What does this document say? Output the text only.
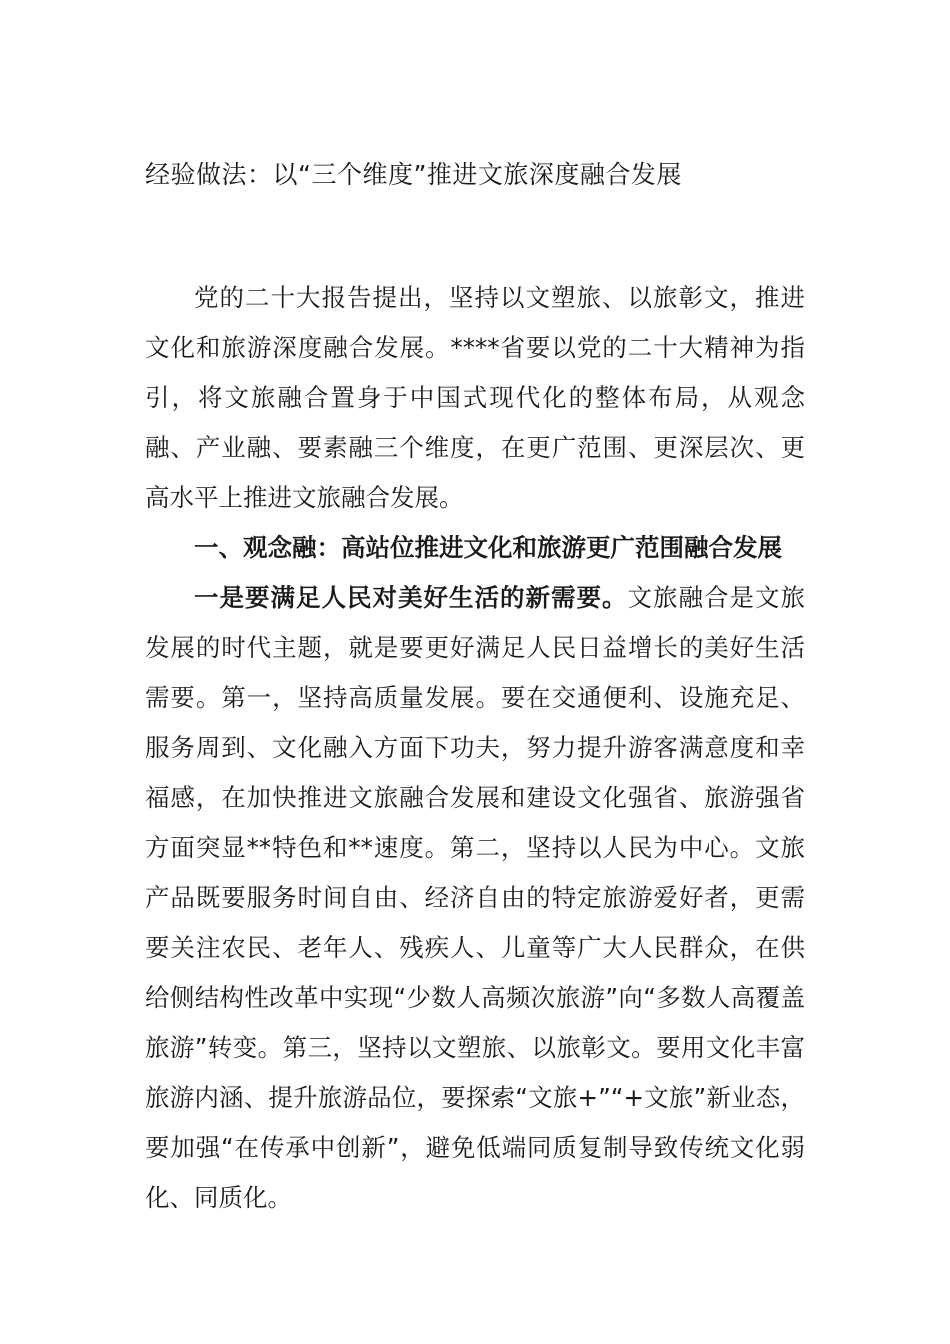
经验做法：以“三个维度”推进文旅深度融合发展

党的二十大报告提出，坚持以文塑旅、以旅彰文，推进文化和旅游深度融合发展。****省要以党的二十大精神为指引，将文旅融合置身于中国式现代化的整体布局，从观念融、产业融、要素融三个维度，在更广范围、更深层次、更高水平上推进文旅融合发展。

一、观念融：高站位推进文化和旅游更广范围融合发展

一是要满足人民对美好生活的新需要。文旅融合是文旅发展的时代主题，就是要更好满足人民日益增长的美好生活需要。第一，坚持高质量发展。要在交通便利、设施充足、服务周到、文化融入方面下功夫，努力提升游客满意度和幸福感，在加快推进文旅融合发展和建设文化强省、旅游强省方面突显**特色和**速度。第二，坚持以人民为中心。文旅产品既要服务时间自由、经济自由的特定旅游爱好者，更需要关注农民、老年人、残疾人、儿童等广大人民群众，在供给侧结构性改革中实现“少数人高频次旅游”向“多数人高覆盖旅游”转变。第三，坚持以文塑旅、以旅彰文。要用文化丰富旅游内涵、提升旅游品位，要探索“文旅+”“+文旅”新业态，要加强“在传承中创新”，避免低端同质复制导致传统文化弱化、同质化。
